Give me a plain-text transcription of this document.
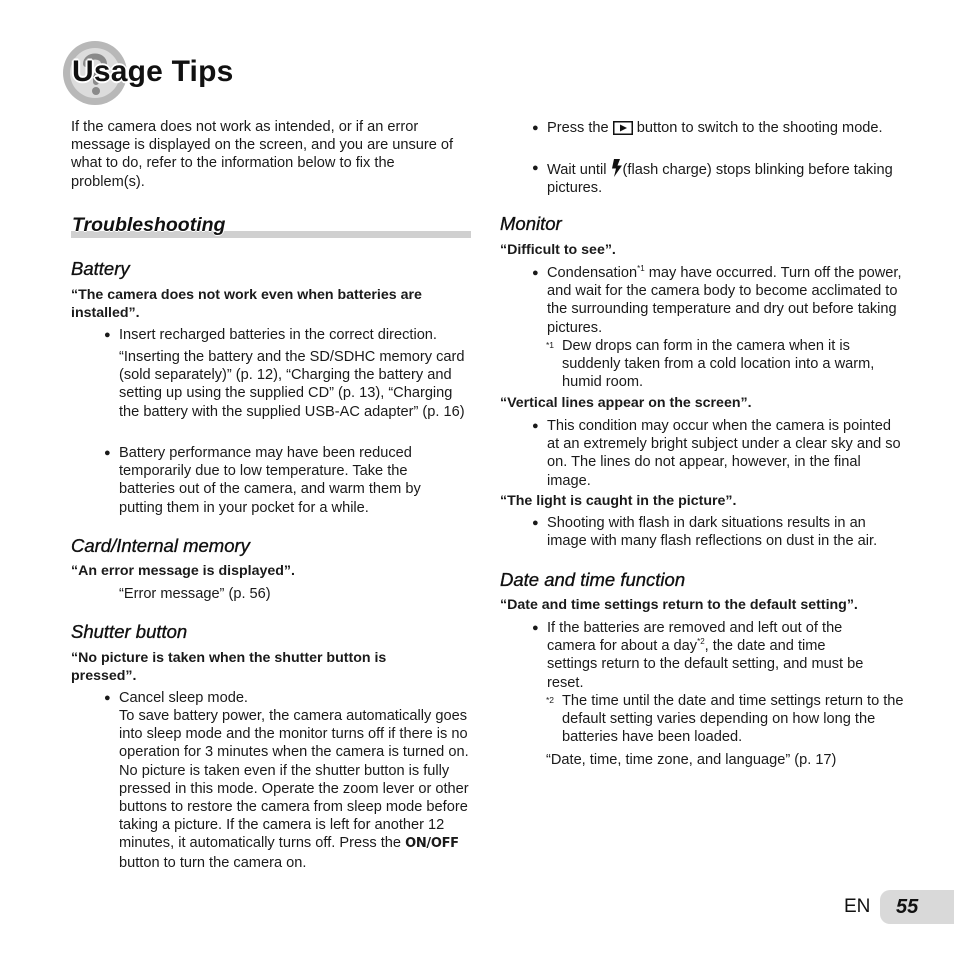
Usage Tips

If the camera does not work as intended, or if an error message is displayed on the screen, and you are unsure of what to do, refer to the information below to fix the problem(s).

Troubleshooting
Battery

“The camera does not work even when batteries are installed”.

● Insert recharged batteries in the correct direction.

“Inserting the battery and the SD/SDHC memory card (sold separately)” (p. 12), “Charging the battery and setting up using the supplied CD” (p. 13), “Charging the battery with the supplied USB-AC adapter” (p. 16)

● Battery performance may have been reduced temporarily due to low temperature. Take the batteries out of the camera, and warm them by putting them in your pocket for a while.
Card/Internal memory

“An error message is displayed”.

“Error message” (p. 56)

Shutter button

“No picture is taken when the shutter button is pressed”.

● Cancel sleep mode.

To save battery power, the camera automatically goes into sleep mode and the monitor turns off if there is no operation for 3 minutes when the camera is turned on. No picture is taken even if the shutter button is fully pressed in this mode. Operate the zoom lever or other buttons to restore the camera from sleep mode before taking a picture. If the camera is left for another 12 minutes, it automatically turns off. Press the ON/OFF button to turn the camera on.

● Press the button to switch to the shooting mode.
● Wait until (flash charge) stops blinking before taking pictures.
Monitor

“Difficult to see”.

● Condensation$^{*1}$ may have occurred. Turn off the power, and wait for the camera body to become acclimated to the surrounding temperature and dry out before taking pictures.
*1 Dew drops can form in the camera when it is suddenly taken from a cold location into a warm, humid room.

“Vertical lines appear on the screen”.

● This condition may occur when the camera is pointed at an extremely bright subject under a clear sky and so on. The lines do not appear, however, in the final image.

“The light is caught in the picture”.

● Shooting with flash in dark situations results in an image with many flash reflections on dust in the air.
Date and time function

“Date and time settings return to the default setting”.

● If the batteries are removed and left out of the camera for about a day$^{*2}$, the date and time settings return to the default setting, and must be reset.
*2 The time until the date and time settings return to the default setting varies depending on how long the batteries have been loaded.

“Date, time, time zone, and language” (p. 17)

EN 55
